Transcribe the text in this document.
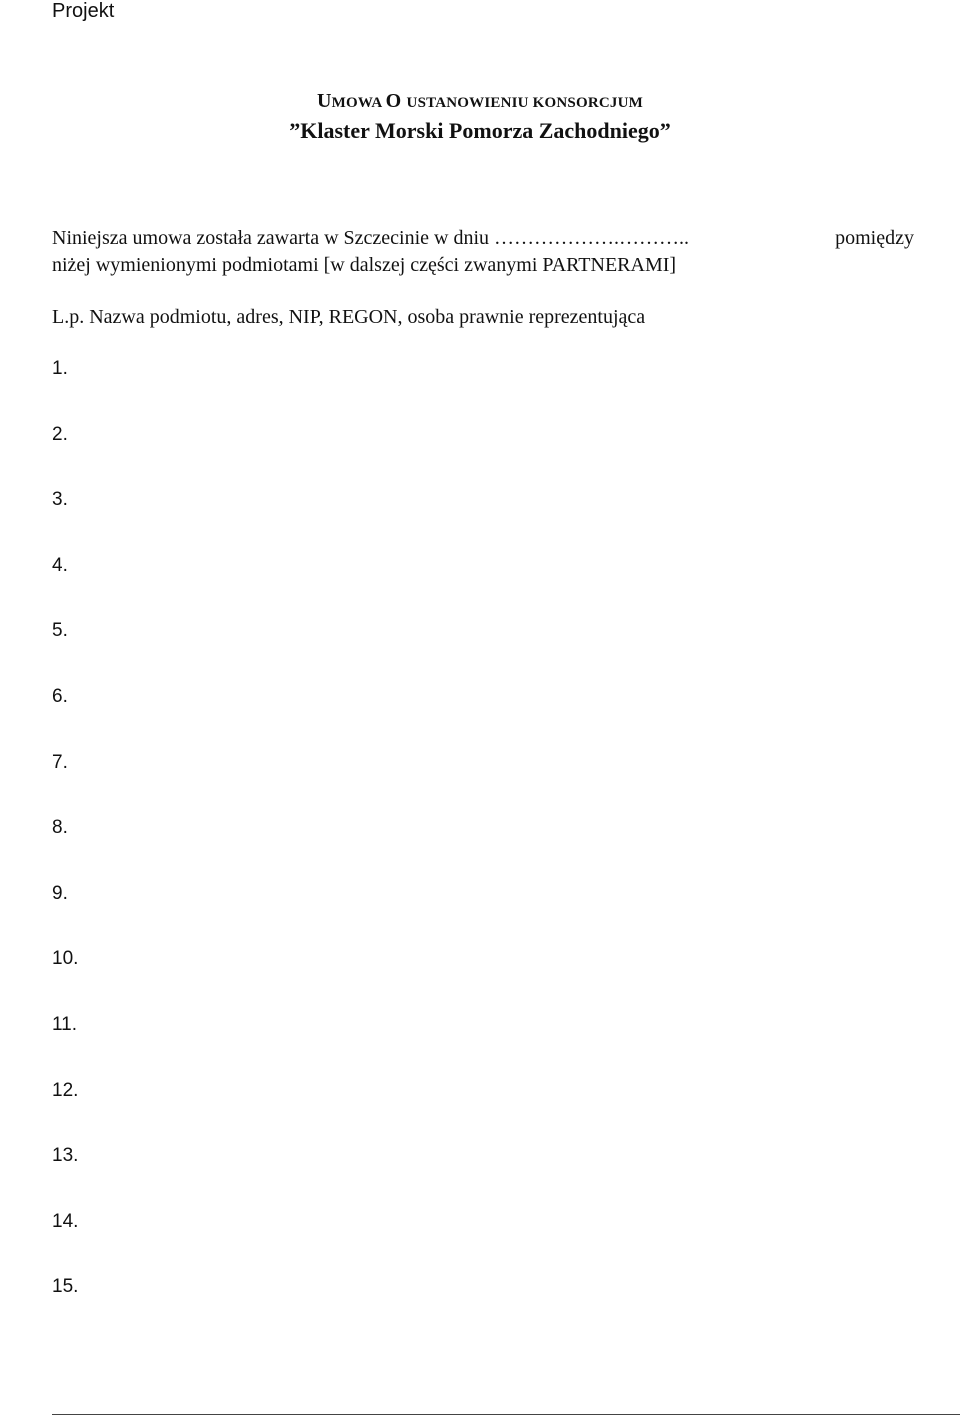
Projekt
UMOWA O USTANOWIENIU KONSORCJUM
”Klaster Morski Pomorza Zachodniego”
Niniejsza umowa została zawarta w Szczecinie w dniu ……………….………..	pomiędzy
niżej wymienionymi podmiotami [w dalszej części zwanymi PARTNERAMI]
L.p. Nazwa podmiotu, adres, NIP, REGON, osoba prawnie reprezentująca
1.
2.
3.
4.
5.
6.
7.
8.
9.
10.
11.
12.
13.
14.
15.
